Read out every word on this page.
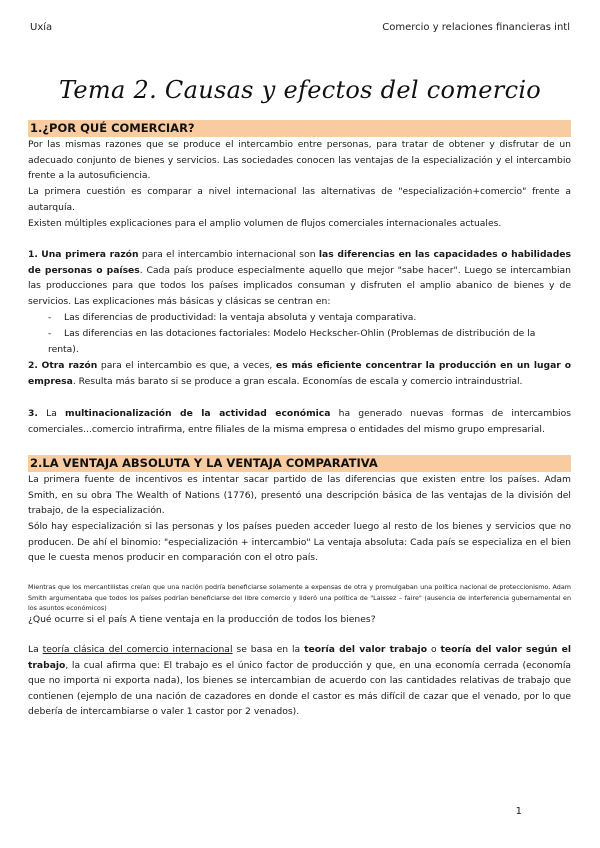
Uxía	Comercio y relaciones financieras intl
Tema 2. Causas y efectos del comercio
1.¿POR QUÉ COMERCIAR?
Por las mismas razones que se produce el intercambio entre personas, para tratar de obtener y disfrutar de un adecuado conjunto de bienes y servicios. Las sociedades conocen las ventajas de la especialización y el intercambio frente a la autosuficiencia.
La primera cuestión es comparar a nivel internacional las alternativas de "especialización+comercio" frente a autarquía.
Existen múltiples explicaciones para el amplio volumen de flujos comerciales internacionales actuales.
1. Una primera razón para el intercambio internacional son las diferencias en las capacidades o habilidades de personas o países. Cada país produce especialmente aquello que mejor "sabe hacer". Luego se intercambian las producciones para que todos los países implicados consuman y disfruten el amplio abanico de bienes y de servicios. Las explicaciones más básicas y clásicas se centran en:
- Las diferencias de productividad: la ventaja absoluta y ventaja comparativa.
- Las diferencias en las dotaciones factoriales: Modelo Heckscher-Ohlin (Problemas de distribución de la renta).
2. Otra razón para el intercambio es que, a veces, es más eficiente concentrar la producción en un lugar o empresa. Resulta más barato si se produce a gran escala. Economías de escala y comercio intraindustrial.
3. La multinacionalización de la actividad económica ha generado nuevas formas de intercambios comerciales...comercio intrafirma, entre filiales de la misma empresa o entidades del mismo grupo empresarial.
2.LA VENTAJA ABSOLUTA Y LA VENTAJA COMPARATIVA
La primera fuente de incentivos es intentar sacar partido de las diferencias que existen entre los países. Adam Smith, en su obra The Wealth of Nations (1776), presentó una descripción básica de las ventajas de la división del trabajo, de la especialización.
Sólo hay especialización si las personas y los países pueden acceder luego al resto de los bienes y servicios que no producen. De ahí el binomio: "especialización + intercambio" La ventaja absoluta: Cada país se especializa en el bien que le cuesta menos producir en comparación con el otro país.
Mientras que los mercantilistas creían que una nación podría beneficiarse solamente a expensas de otra y promulgaban una política nacional de proteccionismo. Adam Smith argumentaba que todos los países podrían beneficiarse del libre comercio y lideró una política de "Laissez – faire" (ausencia de interferencia gubernamental en los asuntos económicos)
¿Qué ocurre si el país A tiene ventaja en la producción de todos los bienes?
La teoría clásica del comercio internacional se basa en la teoría del valor trabajo o teoría del valor según el trabajo, la cual afirma que: El trabajo es el único factor de producción y que, en una economía cerrada (economía que no importa ni exporta nada), los bienes se intercambian de acuerdo con las cantidades relativas de trabajo que contienen (ejemplo de una nación de cazadores en donde el castor es más difícil de cazar que el venado, por lo que debería de intercambiarse o valer 1 castor por 2 venados).
1
